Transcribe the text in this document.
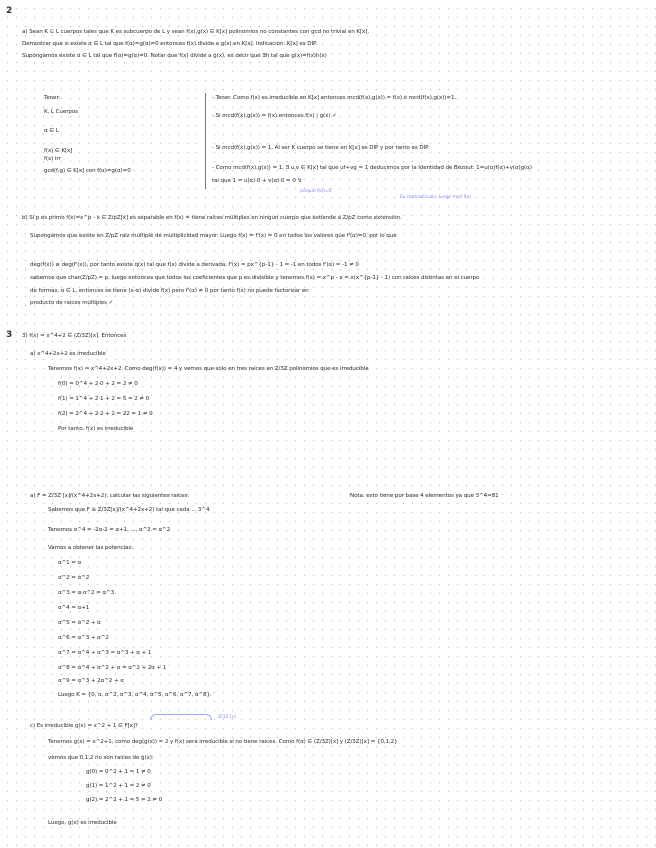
2
a) Sean K ⊆ L cuerpos tales que K es subcuerpo de L y sean f(x),g(x) ∈ K[x] polinomios no constantes con gcd no trivial en K[x].
Demostrar que si existe α ∈ L tal que f(α)=g(α)=0 entonces f(x) divide a g(x) en K[x]. Indicación: K[x] es DIP.
Supongamos existe α ∈ L tal que f(α)=g(α)=0. Notar que f(x) divide a g(x), es decir que ∃h tal que g(x)=f(x)h(x)
Tener:
K, L Cuerpos
α ∈ L
f(x) ∈ K[x]
f(x) irr
gcd(f,g) ∈ K[x] con f(α)=g(α)=0
- Tener. Como f(x) es irreducible en K[x] entonces mcd(f(x),g(x)) = f(x) ó mcd(f(x),g(x))=1.
- Si mcd(f(x),g(x)) = f(x) entonces f(x) | g(x) ✓
- Si mcd(f(x),g(x)) = 1, Al ser K cuerpo se tiene en K[x] es DIP y por tanto es DIP.
- Como mcd(f(x),g(x)) = 1, ∃ u,v ∈ K[x] tal que uf+vg = 1 deducimos por la Identidad de Bézout: 1=u(α)f(α)+v(α)g(α)
tal que 1 = u(α)·0 + v(α)·0 = 0 ↯
porque f(α)=0
Es contradicción, luego mcd f(x)
b) Si p es primo f(x)=x^p - x ∈ Z/pZ[x] es separable en f(x) = tiene raíces múltiples en ningún cuerpo que extiende a Z/pZ como extensión.
Supongamos que existe en Z/pZ raíz múltiple de multiplicidad mayor. Luego f(x) = f'(x) = 0 en todos los valores que f'(α)=0, por lo que
deg(f(x)) ≥ deg(f'(x)), por tanto existe q(x) tal que f(x) divide a derivada, f'(x) = px^{p-1} - 1 = -1 en todos f'(α) = -1 ≠ 0
sabemos que char(Z/pZ) = p, luego entonces que todos los coeficientes que p es divisible y tenemos f(x) = x^p - x = x(x^{p-1} - 1) con raíces distintas en el cuerpo
de formas, α ∈ L, entonces se tiene (x-α) divide f(x) pero f'(α) ≠ 0 por tanto f(x) no puede factorizar en
producto de raíces múltiples ✓
3 3) f(x) = x^4+2 ∈ (Z/3Z)[x]. Entonces
a) x^4+2x+2 es irreducible
Tenemos f(x) = x^4+2x+2. Como deg(f(x)) = 4 y vemos que sólo en tres raíces en Z/3Z polinomios que es irreducible
f(0) = 0^4 + 2·0 + 2 = 2 ≠ 0
f(1) = 1^4 + 2·1 + 2 = 5 = 2 ≠ 0
f(2) = 2^4 + 2·2 + 2 = 22 = 1 ≠ 0
Por tanto, f(x) es irreducible
a) F = Z/3Z [x]/(x^4+2x+2), calcular las siguientes raíces:	Nota: esto tiene por base 4 elementos ya que 3^4=81
Sabemos que F ≅ Z/3Z[x]/(x^4+2x+2) tal que cada ... 3^4
Tenemos α^4 = -2α-2 = α+1, ..., α^2 = α^2
Vamos a obtener las potencias:
α^1 = α
α^2 = α^2
α^3 = α·α^2 = α^3
α^4 = α+1
α^5 = α^2 + α
α^6 = α^3 + α^2
α^7 = α^4 + α^3 = α^3 + α + 1
α^8 = α^4 + α^2 + α = α^2 + 2α + 1
α^9 = α^3 + 2α^2 + α
Luego K = {0, α, α^2, α^3, α^4, α^5, α^6, α^7, α^8}.
Z/3Z [x]
c) Es irreducible g(x) = x^2 + 1 ∈ F[x]?
Tenemos g(x) = x^2+1, como deg(g(x)) = 2 y f(x) será irreducible si no tiene raíces. Como f(α) ∈ (Z/3Z)[x] y (Z/3Z)[x] = {0,1,2}
vemos que 0,1,2 no son raíces de g(x):
g(0) = 0^2 + 1 = 1 ≠ 0
g(1) = 1^2 + 1 = 2 ≠ 0
g(2) = 2^2 + 1 = 5 = 2 ≠ 0
Luego, g(x) es irreducible
